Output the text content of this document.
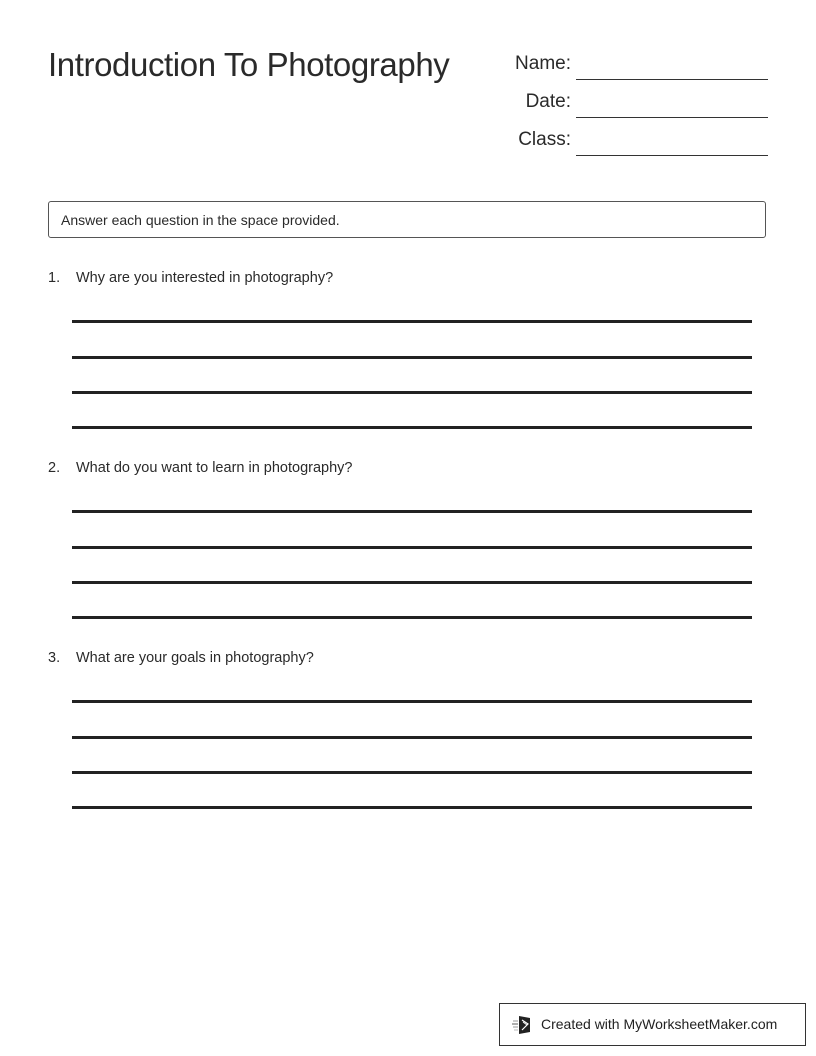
Introduction To Photography	Name:
Date:
Class:
Answer each question in the space provided.
1. Why are you interested in photography?
2. What do you want to learn in photography?
3. What are your goals in photography?
Created with MyWorksheetMaker.com
